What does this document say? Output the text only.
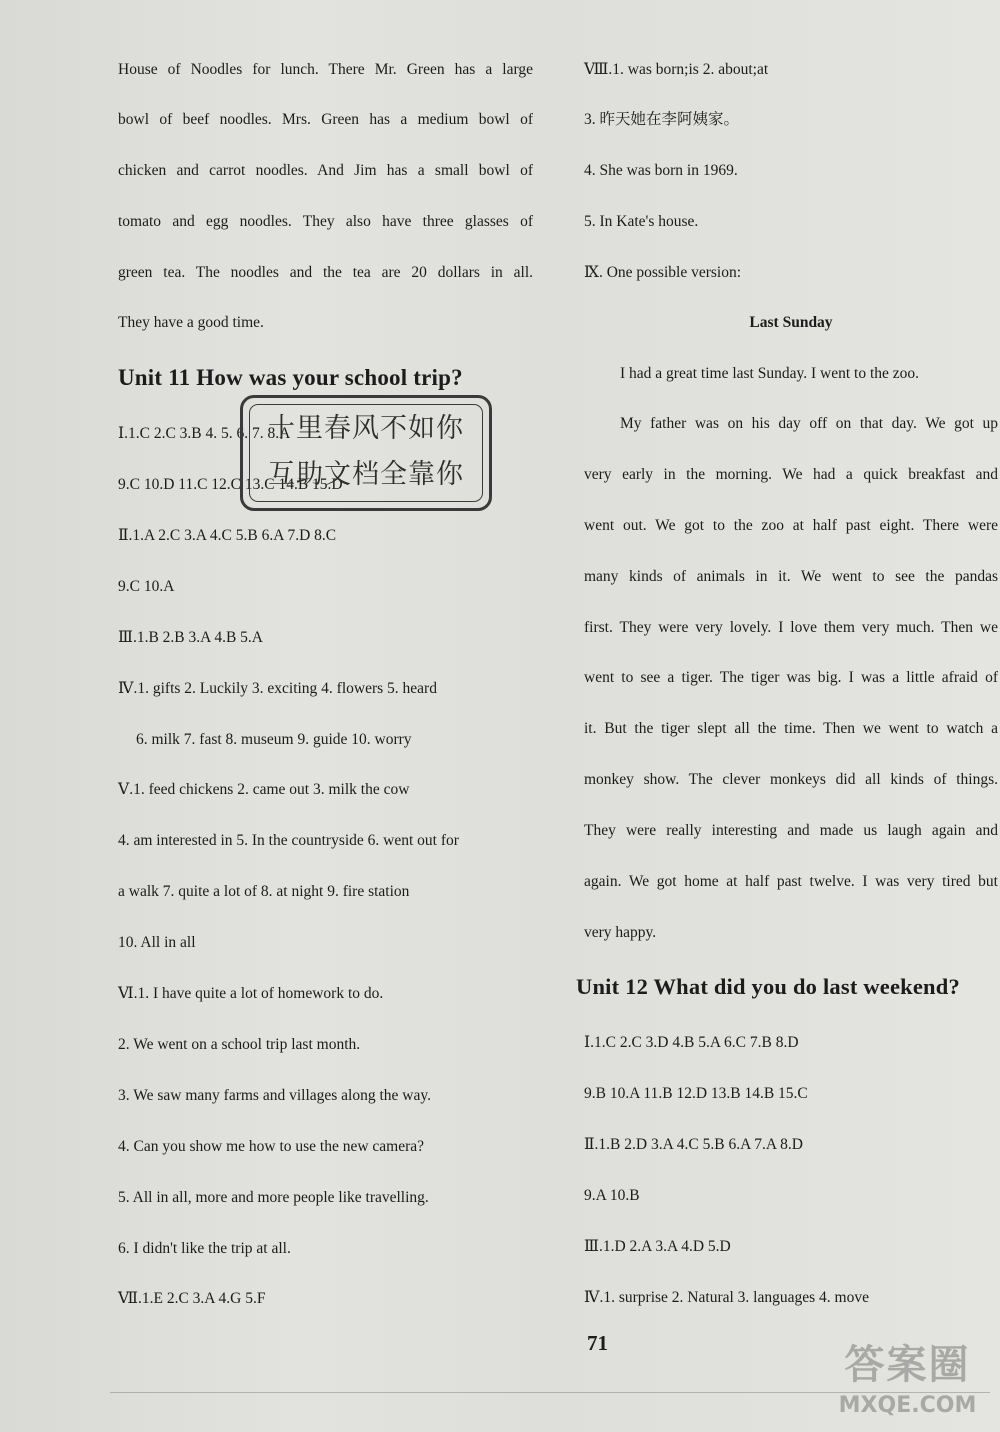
House of Noodles for lunch. There Mr. Green has a large
bowl of beef noodles. Mrs. Green has a medium bowl of
chicken and carrot noodles. And Jim has a small bowl of
tomato and egg noodles. They also have three glasses of
green tea. The noodles and the tea are 20 dollars in all.
They have a good time.
Unit 11 How was your school trip?
Ⅰ.1.C 2.C 3.B 4. 5. 6. 7. 8.A
9.C 10.D 11.C 12.C 13.C 14.B 15.D
Ⅱ.1.A 2.C 3.A 4.C 5.B 6.A 7.D 8.C
9.C 10.A
Ⅲ.1.B 2.B 3.A 4.B 5.A
Ⅳ.1. gifts 2. Luckily 3. exciting 4. flowers 5. heard
6. milk 7. fast 8. museum 9. guide 10. worry
Ⅴ.1. feed chickens 2. came out 3. milk the cow
4. am interested in 5. In the countryside 6. went out for
a walk 7. quite a lot of 8. at night 9. fire station
10. All in all
Ⅵ.1. I have quite a lot of homework to do.
2. We went on a school trip last month.
3. We saw many farms and villages along the way.
4. Can you show me how to use the new camera?
5. All in all, more and more people like travelling.
6. I didn't like the trip at all.
Ⅶ.1.E 2.C 3.A 4.G 5.F
十里春风不如你
互助文档全靠你
Ⅷ.1. was born;is 2. about;at
3. 昨天她在李阿姨家。
4. She was born in 1969.
5. In Kate's house.
Ⅸ. One possible version:
Last Sunday
I had a great time last Sunday. I went to the zoo.
My father was on his day off on that day. We got up
very early in the morning. We had a quick breakfast and
went out. We got to the zoo at half past eight. There were
many kinds of animals in it. We went to see the pandas
first. They were very lovely. I love them very much. Then we
went to see a tiger. The tiger was big. I was a little afraid of
it. But the tiger slept all the time. Then we went to watch a
monkey show. The clever monkeys did all kinds of things.
They were really interesting and made us laugh again and
again. We got home at half past twelve. I was very tired but
very happy.
Unit 12 What did you do last weekend?
Ⅰ.1.C 2.C 3.D 4.B 5.A 6.C 7.B 8.D
9.B 10.A 11.B 12.D 13.B 14.B 15.C
Ⅱ.1.B 2.D 3.A 4.C 5.B 6.A 7.A 8.D
9.A 10.B
Ⅲ.1.D 2.A 3.A 4.D 5.D
Ⅳ.1. surprise 2. Natural 3. languages 4. move
71	答案圈
MXQE.COM
